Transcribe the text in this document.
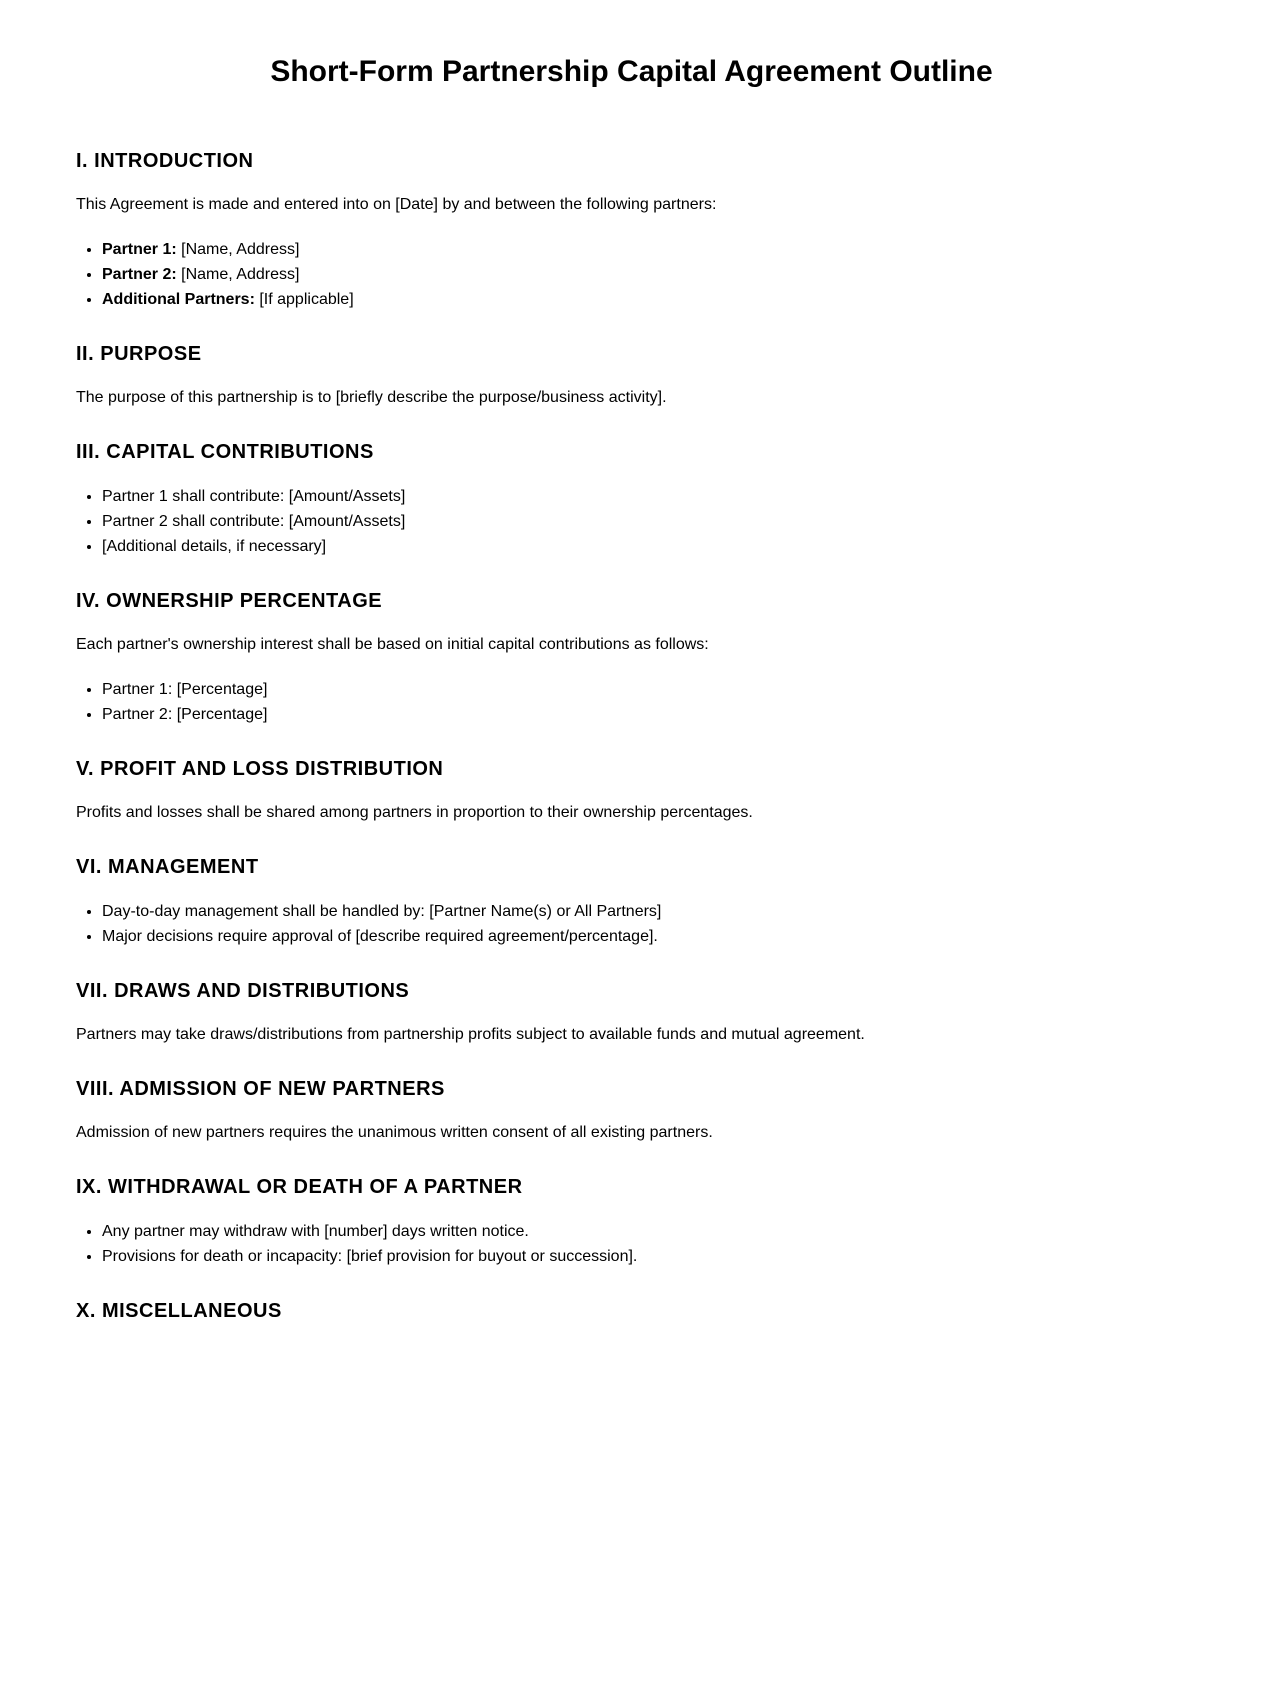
Short-Form Partnership Capital Agreement Outline
I. INTRODUCTION

This Agreement is made and entered into on [Date] by and between the following partners:

• Partner 1: [Name, Address]
• Partner 2: [Name, Address]
• Additional Partners: [If applicable]
II. PURPOSE

The purpose of this partnership is to [briefly describe the purpose/business activity].

III. CAPITAL CONTRIBUTIONS
• Partner 1 shall contribute: [Amount/Assets]
• Partner 2 shall contribute: [Amount/Assets]
• [Additional details, if necessary]
IV. OWNERSHIP PERCENTAGE

Each partner's ownership interest shall be based on initial capital contributions as follows:

• Partner 1: [Percentage]
• Partner 2: [Percentage]
V. PROFIT AND LOSS DISTRIBUTION

Profits and losses shall be shared among partners in proportion to their ownership percentages.

VI. MANAGEMENT
• Day-to-day management shall be handled by: [Partner Name(s) or All Partners]
• Major decisions require approval of [describe required agreement/percentage].
VII. DRAWS AND DISTRIBUTIONS

Partners may take draws/distributions from partnership profits subject to available funds and mutual agreement.

VIII. ADMISSION OF NEW PARTNERS

Admission of new partners requires the unanimous written consent of all existing partners.

IX. WITHDRAWAL OR DEATH OF A PARTNER
• Any partner may withdraw with [number] days written notice.
• Provisions for death or incapacity: [brief provision for buyout or succession].
X. MISCELLANEOUS
